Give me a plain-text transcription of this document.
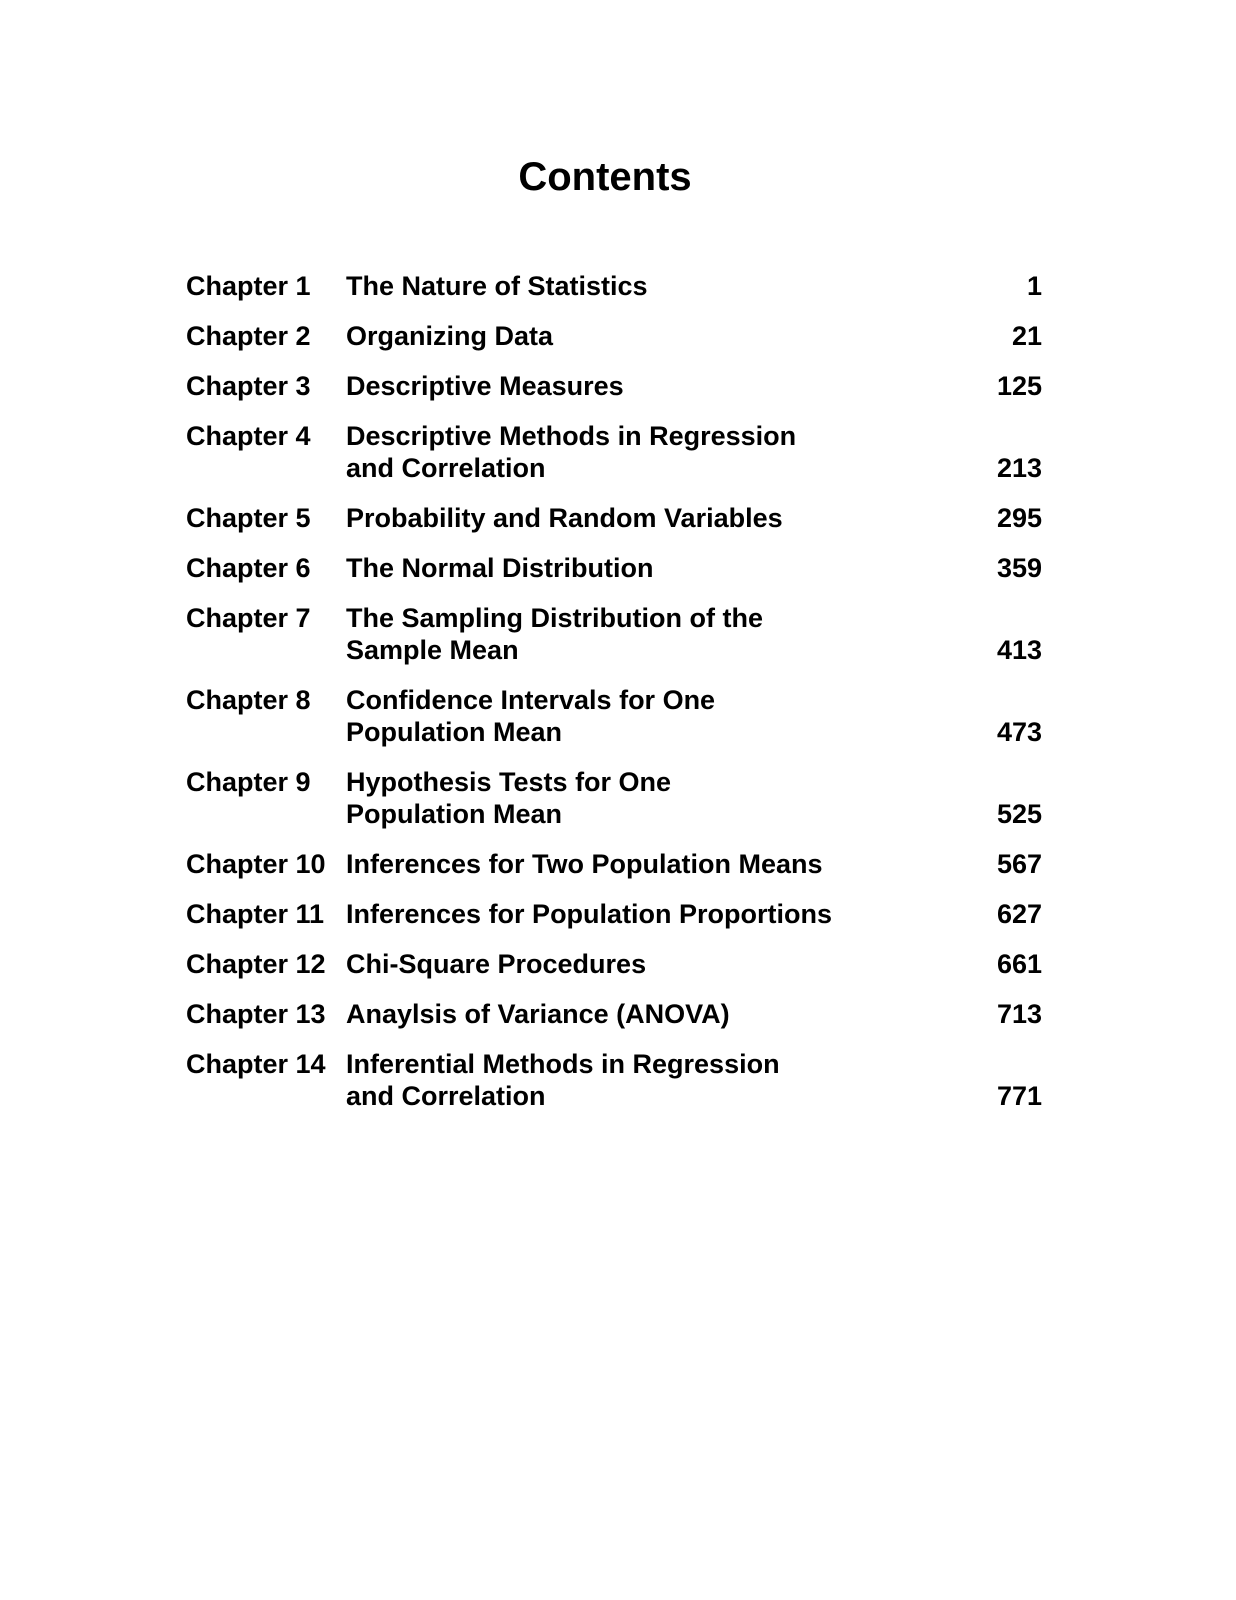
Contents
Chapter 1	The Nature of Statistics	1
Chapter 2	Organizing Data	21
Chapter 3	Descriptive Measures	125
Chapter 4	Descriptive Methods in Regression
and Correlation	213
Chapter 5	Probability and Random Variables	295
Chapter 6	The Normal Distribution	359
Chapter 7	The Sampling Distribution of the
Sample Mean	413
Chapter 8	Confidence Intervals for One
Population Mean	473
Chapter 9	Hypothesis Tests for One
Population Mean	525
Chapter 10 Inferences for Two Population Means	567
Chapter 11 Inferences for Population Proportions	627
Chapter 12 Chi-Square Procedures	661
Chapter 13 Anaylsis of Variance (ANOVA)	713
Chapter 14 Inferential Methods in Regression
and Correlation	771
